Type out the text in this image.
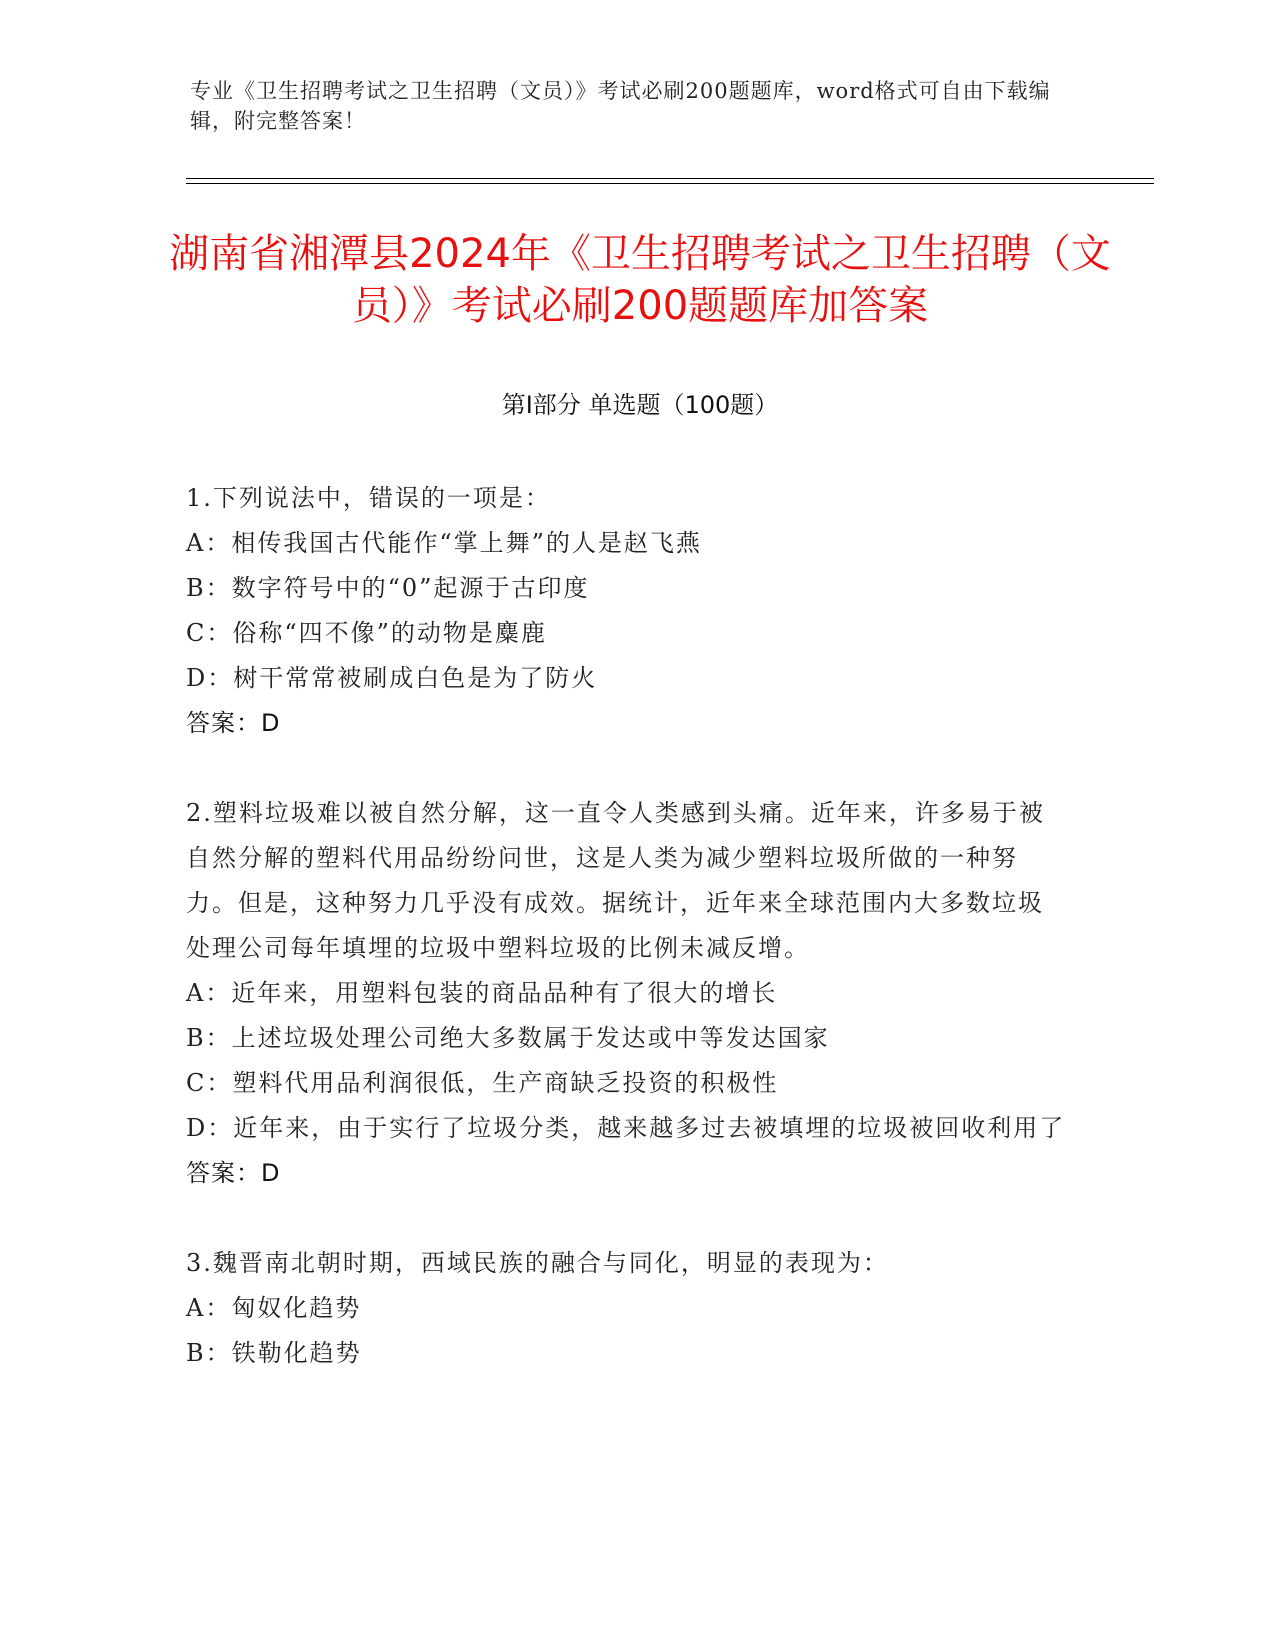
专业《卫生招聘考试之卫生招聘（文员）》考试必刷200题题库，word格式可自由下载编辑，附完整答案！
湖南省湘潭县2024年《卫生招聘考试之卫生招聘（文员）》考试必刷200题题库加答案
第Ⅰ部分 单选题（100题）
1.下列说法中，错误的一项是：
A：相传我国古代能作“掌上舞”的人是赵飞燕
B：数字符号中的“0”起源于古印度
C：俗称“四不像”的动物是麋鹿
D：树干常常被刷成白色是为了防火
答案：D
2.塑料垃圾难以被自然分解，这一直令人类感到头痛。近年来，许多易于被自然分解的塑料代用品纷纷问世，这是人类为减少塑料垃圾所做的一种努力。但是，这种努力几乎没有成效。据统计，近年来全球范围内大多数垃圾处理公司每年填埋的垃圾中塑料垃圾的比例未减反增。
A：近年来，用塑料包装的商品品种有了很大的增长
B：上述垃圾处理公司绝大多数属于发达或中等发达国家
C：塑料代用品利润很低，生产商缺乏投资的积极性
D：近年来，由于实行了垃圾分类，越来越多过去被填埋的垃圾被回收利用了
答案：D
3.魏晋南北朝时期，西域民族的融合与同化，明显的表现为：
A：匈奴化趋势
B：铁勒化趋势
